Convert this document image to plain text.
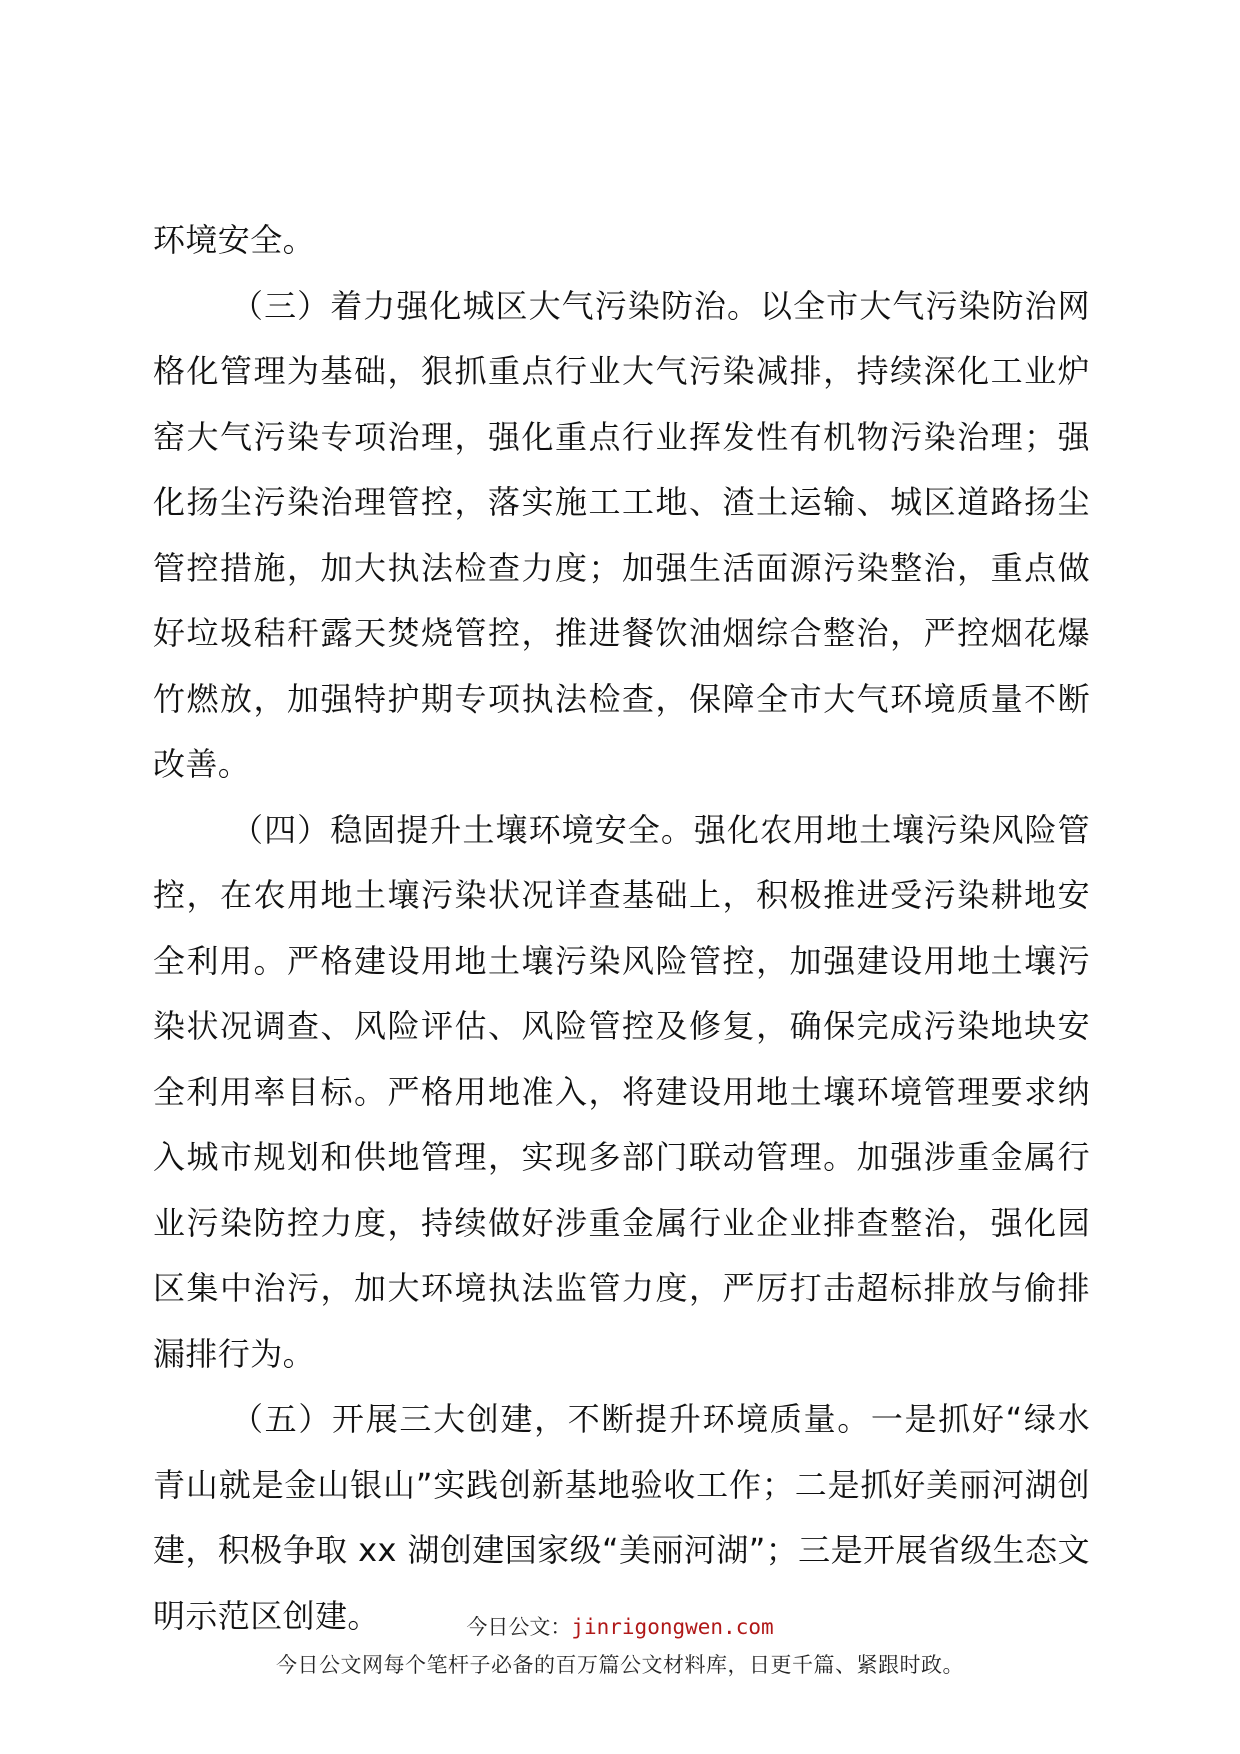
环境安全。

（三）着力强化城区大气污染防治。以全市大气污染防治网格化管理为基础，狠抓重点行业大气污染减排，持续深化工业炉窑大气污染专项治理，强化重点行业挥发性有机物污染治理；强化扬尘污染治理管控，落实施工工地、渣土运输、城区道路扬尘管控措施，加大执法检查力度；加强生活面源污染整治，重点做好垃圾秸秆露天焚烧管控，推进餐饮油烟综合整治，严控烟花爆竹燃放，加强特护期专项执法检查，保障全市大气环境质量不断改善。

（四）稳固提升土壤环境安全。强化农用地土壤污染风险管控，在农用地土壤污染状况详查基础上，积极推进受污染耕地安全利用。严格建设用地土壤污染风险管控，加强建设用地土壤污染状况调查、风险评估、风险管控及修复，确保完成污染地块安全利用率目标。严格用地准入，将建设用地土壤环境管理要求纳入城市规划和供地管理，实现多部门联动管理。加强涉重金属行业污染防控力度，持续做好涉重金属行业企业排查整治，强化园区集中治污，加大环境执法监管力度，严厉打击超标排放与偷排漏排行为。

（五）开展三大创建，不断提升环境质量。一是抓好“绿水青山就是金山银山”实践创新基地验收工作；二是抓好美丽河湖创建，积极争取 xx 湖创建国家级“美丽河湖”；三是开展省级生态文明示范区创建。	今日公文：jinrigongwen.com
今日公文网每个笔杆子必备的百万篇公文材料库，日更千篇、紧跟时政。
